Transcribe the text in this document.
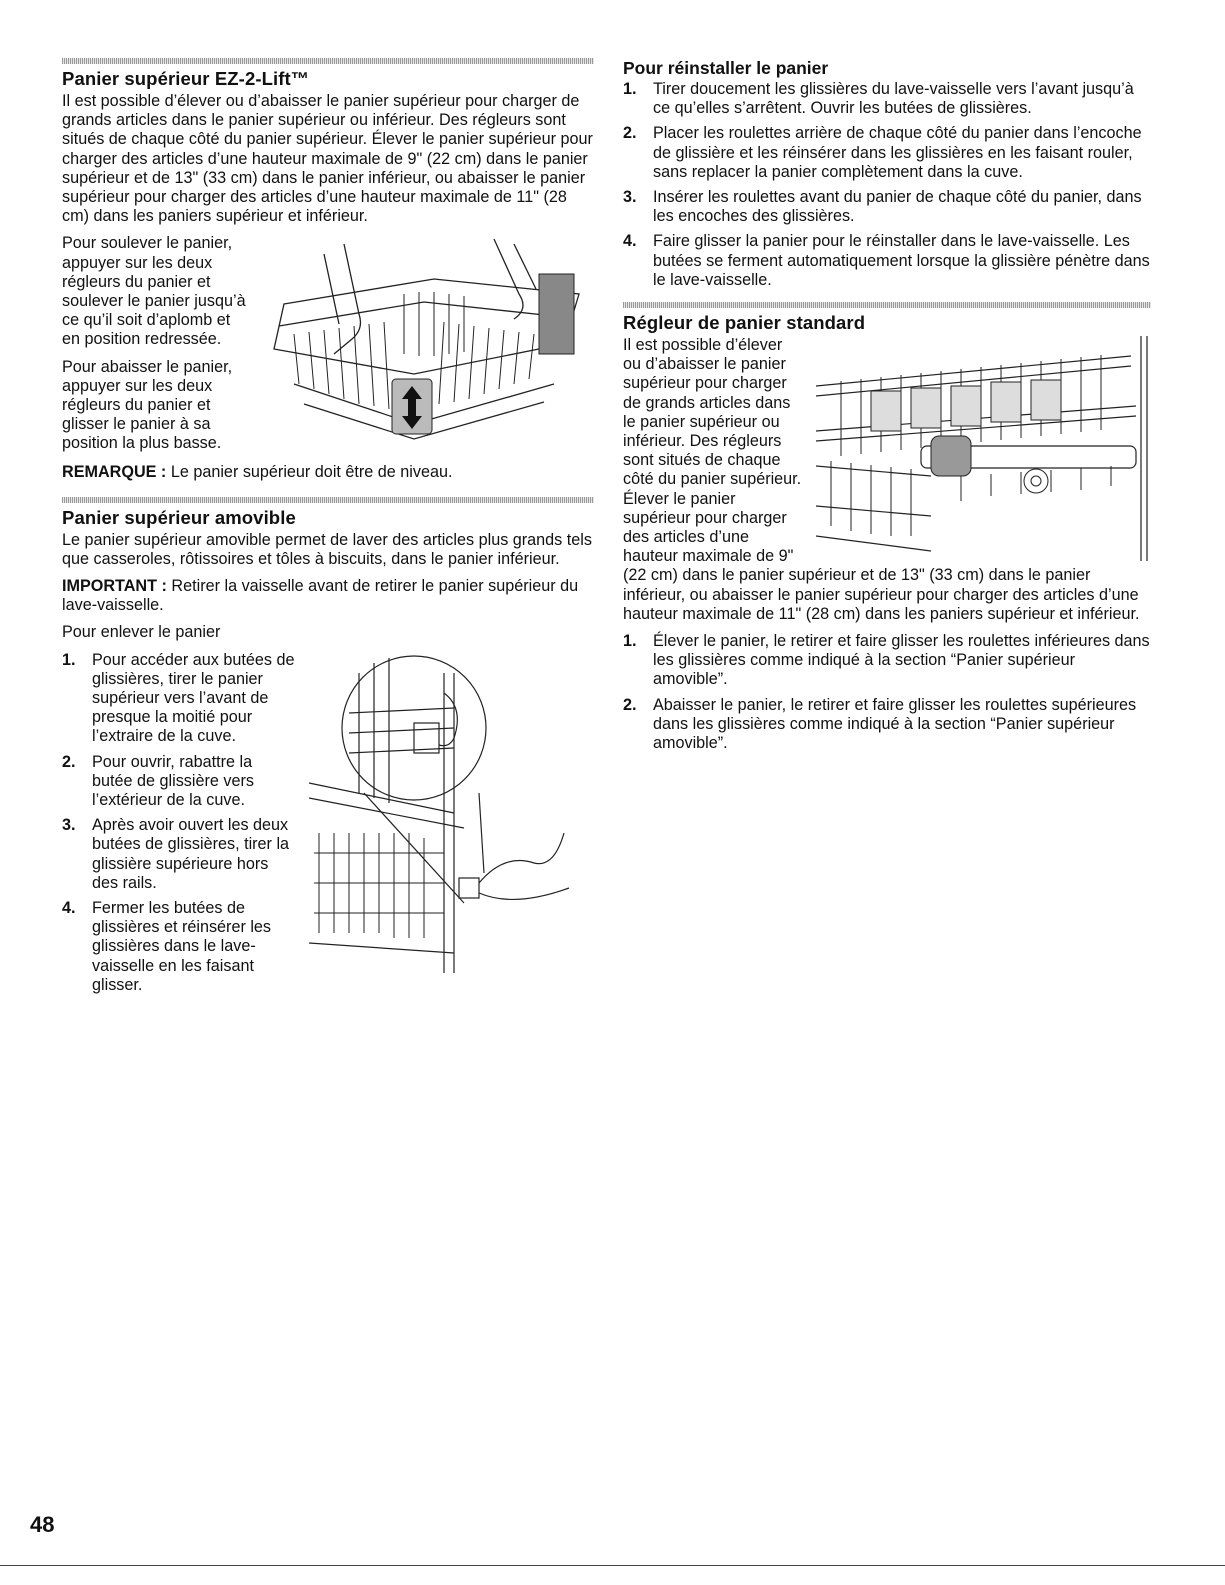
Panier supérieur EZ-2-Lift™

Il est possible d’élever ou d’abaisser le panier supérieur pour charger de grands articles dans le panier supérieur ou inférieur. Des régleurs sont situés de chaque côté du panier supérieur. Élever le panier supérieur pour charger des articles d’une hauteur maximale de 9" (22 cm) dans le panier supérieur et de 13" (33 cm) dans le panier inférieur, ou abaisser le panier supérieur pour charger des articles d’une hauteur maximale de 11" (28 cm) dans les paniers supérieur et inférieur.

Pour soulever le panier, appuyer sur les deux régleurs du panier et soulever le panier jusqu’à ce qu’il soit d’aplomb et en position redressée.

Pour abaisser le panier, appuyer sur les deux régleurs du panier et glisser le panier à sa position la plus basse.

REMARQUE : Le panier supérieur doit être de niveau.

Panier supérieur amovible

Le panier supérieur amovible permet de laver des articles plus grands tels que casseroles, rôtissoires et tôles à biscuits, dans le panier inférieur.

IMPORTANT : Retirer la vaisselle avant de retirer le panier supérieur du lave-vaisselle.

Pour enlever le panier

1. Pour accéder aux butées de glissières, tirer le panier supérieur vers l’avant de presque la moitié pour l’extraire de la cuve.
2. Pour ouvrir, rabattre la butée de glissière vers l’extérieur de la cuve.
3. Après avoir ouvert les deux butées de glissières, tirer la glissière supérieure hors des rails.
4. Fermer les butées de glissières et réinsérer les glissières dans le lave-vaisselle en les faisant glisser.
Pour réinstaller le panier
1. Tirer doucement les glissières du lave-vaisselle vers l’avant jusqu’à ce qu’elles s’arrêtent. Ouvrir les butées de glissières.
2. Placer les roulettes arrière de chaque côté du panier dans l’encoche de glissière et les réinsérer dans les glissières en les faisant rouler, sans replacer la panier complètement dans la cuve.
3. Insérer les roulettes avant du panier de chaque côté du panier, dans les encoches des glissières.
4. Faire glisser la panier pour le réinstaller dans le lave-vaisselle. Les butées se ferment automatiquement lorsque la glissière pénètre dans le lave-vaisselle.
Régleur de panier standard

Il est possible d’élever ou d’abaisser le panier supérieur pour charger de grands articles dans le panier supérieur ou inférieur. Des régleurs sont situés de chaque côté du panier supérieur. Élever le panier supérieur pour charger des articles d’une hauteur maximale de 9" (22 cm) dans le panier supérieur et de 13" (33 cm) dans le panier inférieur, ou abaisser le panier supérieur pour charger des articles d’une hauteur maximale de 11" (28 cm) dans les paniers supérieur et inférieur.

1. Élever le panier, le retirer et faire glisser les roulettes inférieures dans les glissières comme indiqué à la section “Panier supérieur amovible”.
2. Abaisser le panier, le retirer et faire glisser les roulettes supérieures dans les glissières comme indiqué à la section “Panier supérieur amovible”.
48
